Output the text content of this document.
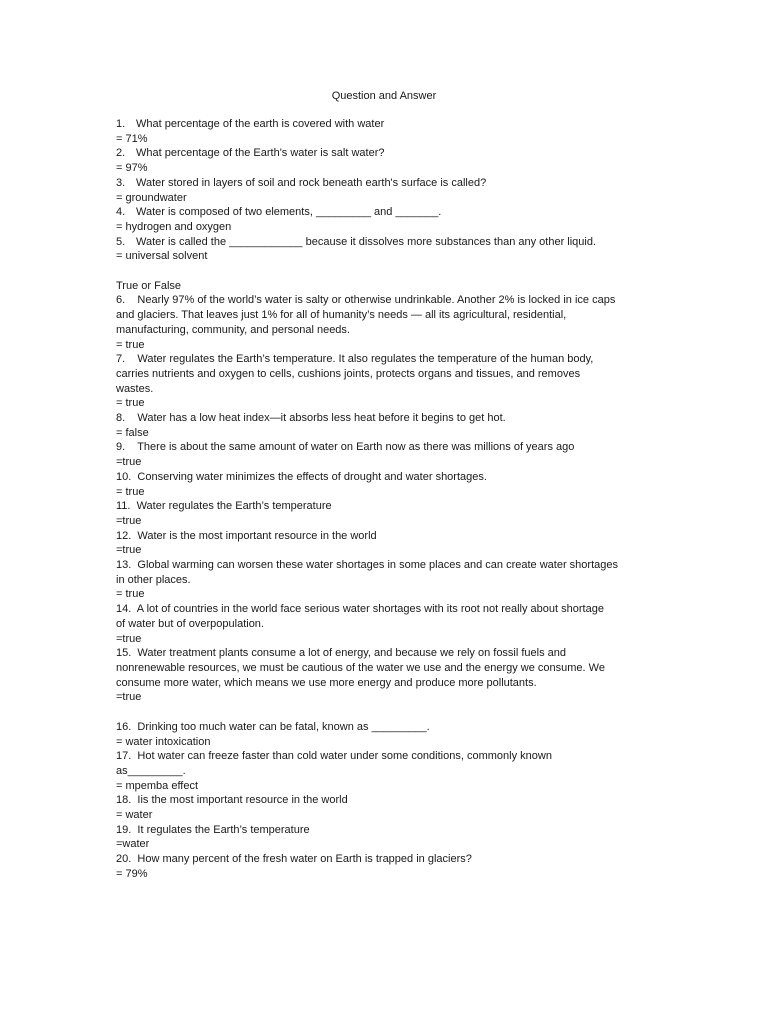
Question and Answer
1. What percentage of the earth is covered with water
= 71%
2. What percentage of the Earth's water is salt water?
= 97%
3. Water stored in layers of soil and rock beneath earth's surface is called?
= groundwater
4. Water is composed of two elements, _________ and _______.
= hydrogen and oxygen
5. Water is called the ____________ because it dissolves more substances than any other liquid.
= universal solvent
True or False
6.    Nearly 97% of the world’s water is salty or otherwise undrinkable. Another 2% is locked in ice caps
and glaciers. That leaves just 1% for all of humanity’s needs — all its agricultural, residential,
manufacturing, community, and personal needs.
= true
7.    Water regulates the Earth’s temperature. It also regulates the temperature of the human body,
carries nutrients and oxygen to cells, cushions joints, protects organs and tissues, and removes
wastes.
= true
8.    Water has a low heat index—it absorbs less heat before it begins to get hot.
= false
9.    There is about the same amount of water on Earth now as there was millions of years ago
=true
10.  Conserving water minimizes the effects of drought and water shortages.
= true
11.  Water regulates the Earth’s temperature
=true
12.  Water is the most important resource in the world
=true
13.  Global warming can worsen these water shortages in some places and can create water shortages
in other places.
= true
14.  A lot of countries in the world face serious water shortages with its root not really about shortage
of water but of overpopulation.
=true
15.  Water treatment plants consume a lot of energy, and because we rely on fossil fuels and
nonrenewable resources, we must be cautious of the water we use and the energy we consume. We
consume more water, which means we use more energy and produce more pollutants.
=true
16.  Drinking too much water can be fatal, known as _________.
= water intoxication
17.  Hot water can freeze faster than cold water under some conditions, commonly known
as_________.
= mpemba effect
18.  Iis the most important resource in the world
= water
19.  It regulates the Earth’s temperature
=water
20.  How many percent of the fresh water on Earth is trapped in glaciers?
= 79%
